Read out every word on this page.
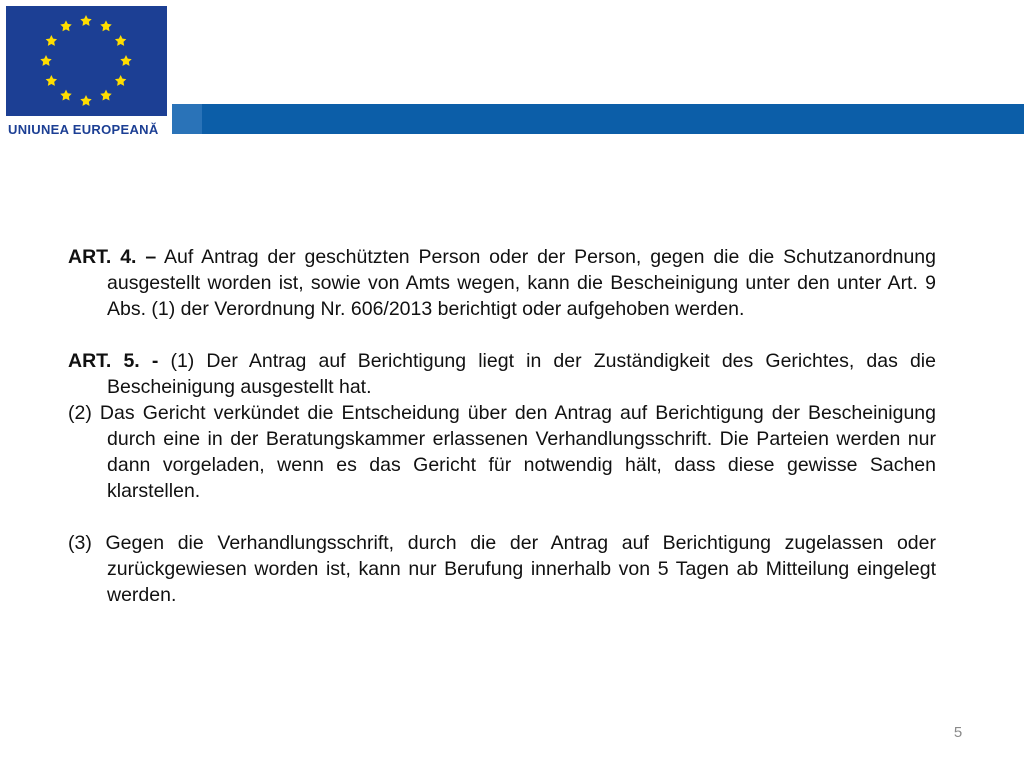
UNIUNEA EUROPEANĂ

ART. 4. – Auf Antrag der geschützten Person oder der Person, gegen die die Schutzanordnung ausgestellt worden ist, sowie von Amts wegen, kann die Bescheinigung unter den unter Art. 9 Abs. (1) der Verordnung Nr. 606/2013 berichtigt oder aufgehoben werden.

ART. 5. - (1) Der Antrag auf Berichtigung liegt in der Zuständigkeit des Gerichtes, das die Bescheinigung ausgestellt hat.

(2) Das Gericht verkündet die Entscheidung über den Antrag auf Berichtigung der Bescheinigung durch eine in der Beratungskammer erlassenen Verhandlungsschrift. Die Parteien werden nur dann vorgeladen, wenn es das Gericht für notwendig hält, dass diese gewisse Sachen klarstellen.

(3) Gegen die Verhandlungsschrift, durch die der Antrag auf Berichtigung zugelassen oder zurückgewiesen worden ist, kann nur Berufung innerhalb von 5 Tagen ab Mitteilung eingelegt werden.

5
